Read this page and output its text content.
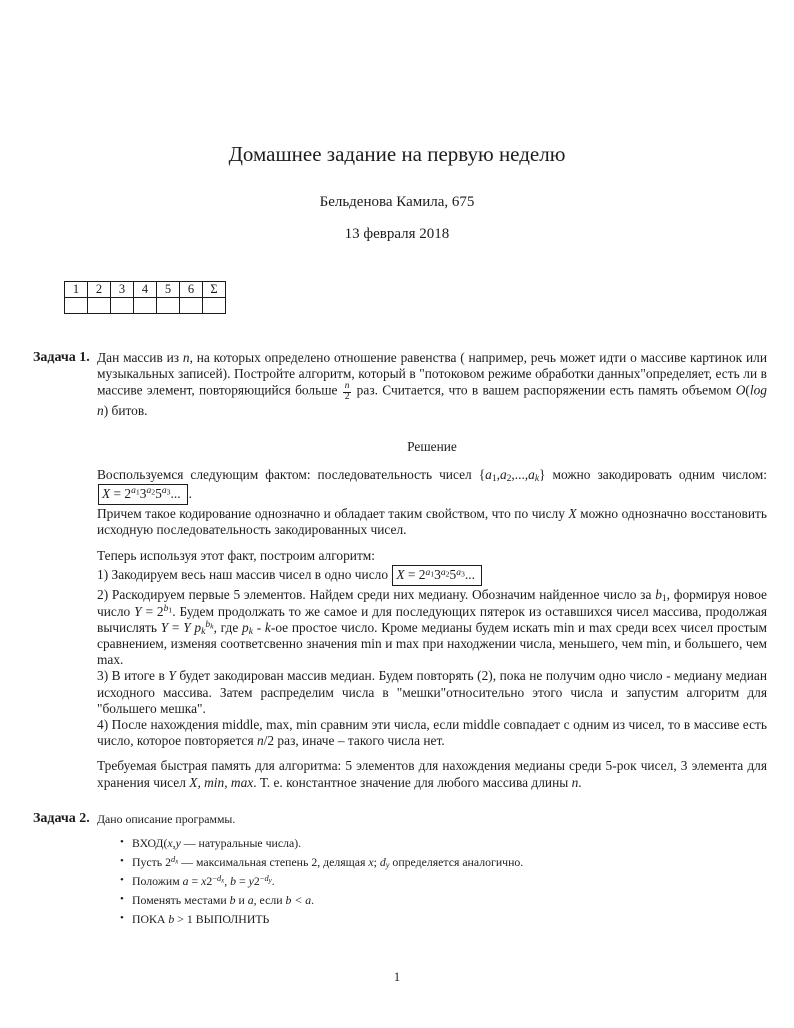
Домашнее задание на первую неделю
Бельденова Камила, 675
13 февраля 2018
1	2	3	4	5	6	Σ

Задача 1. Дан массив из n, на которых определено отношение равенства ( например, речь может идти о массиве картинок или музыкальных записей). Постройте алгоритм, который в "потоковом режиме обработки данных"определяет, есть ли в массиве элемент, повторяющийся больше $\frac{n}{2}$ раз. Считается, что в вашем распоряжении есть память объемом O(log n) битов.
Решение
Воспользуемся следующим фактом: последовательность чисел {a1,a2,...,ak} можно закодировать одним числом: $X = 2^{a1}3^{a2}5^{a3}$... .
Причем такое кодирование однозначно и обладает таким свойством, что по числу X можно однозначно восстановить исходную последовательность закодированных чисел.
Теперь используя этот факт, построим алгоритм:
1) Закодируем весь наш массив чисел в одно число $X = 2^{a1}3^{a2}5^{a3}$...
2) Раскодируем первые 5 элементов. Найдем среди них медиану. Обозначим найденное число за b1, формируя новое число $Y = 2^{b1}$. Будем продолжать то же самое и для последующих пятерок из оставшихся чисел массива, продолжая вычислять Y = Y $pk^{bk}$, где pk - k-ое простое число. Кроме медианы будем искать min и max среди всех чисел простым сравнением, изменяя соответсвенно значения min и max при находжении числа, меньшего, чем min, и большего, чем max.
3) В итоге в Y будет закодирован массив медиан. Будем повторять (2), пока не получим одно число - медиану медиан исходного массива. Затем распределим числа в "мешки"относительно этого числа и запустим алгоритм для "большего мешка".
4) После нахождения middle, max, min сравним эти числа, если middle совпадает с одним из чисел, то в массиве есть число, которое повторяется n/2 раз, иначе – такого числа нет.
Требуемая быстрая память для алгоритма: 5 элементов для нахождения медианы среди 5-рок чисел, 3 элемента для хранения чисел X, min, max. Т. е. константное значение для любого массива длины n.
Задача 2. Дано описание программы.
• ВХОД(x,y — натуральные числа).
• Пусть $2^{dx}$ — максимальная степень 2, делящая x; dy определяется аналогично.
• Положим $a = x2^{-dx}$, $b = y2^{-dy}$.
• Поменять местами b и a, если b < a.
• ПОКА b > 1 ВЫПОЛНИТЬ
1
